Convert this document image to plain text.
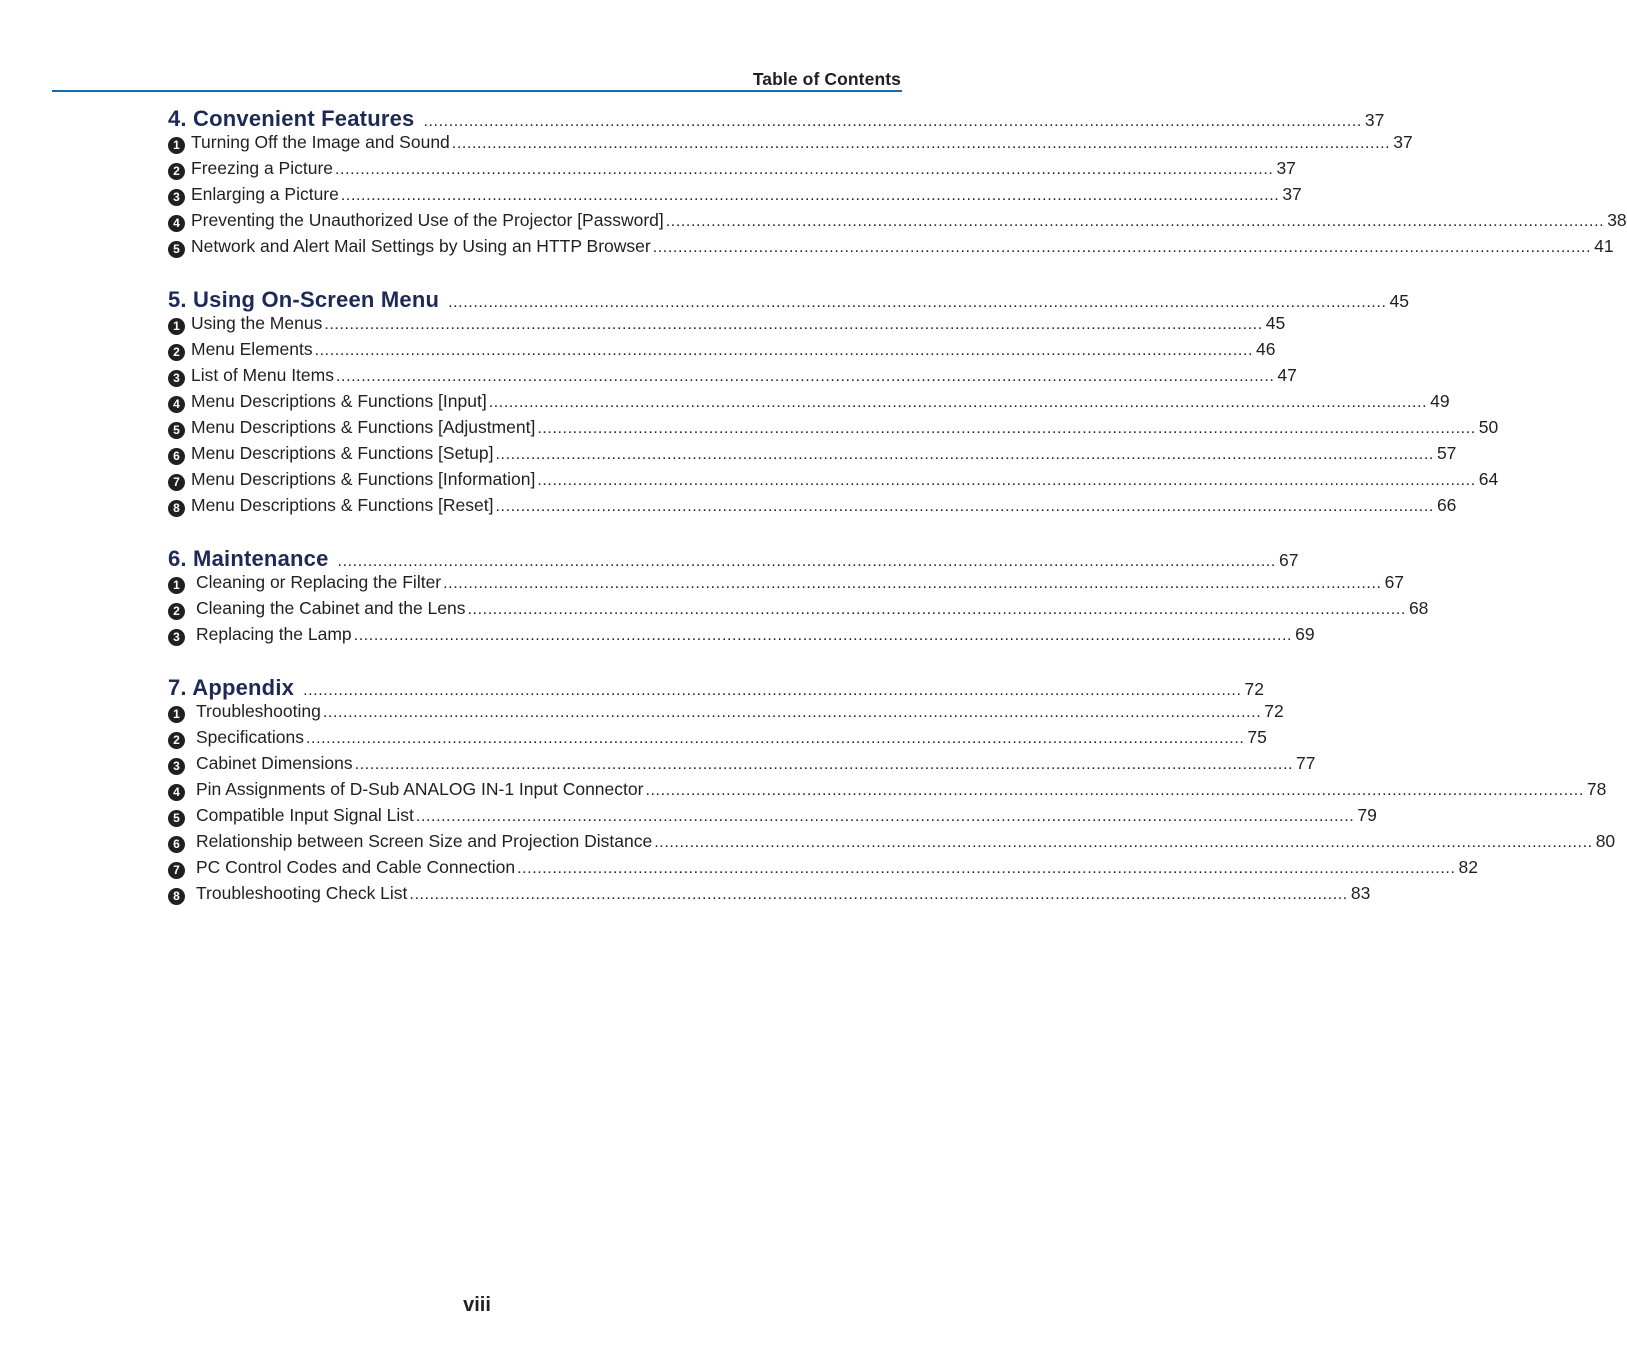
Table of Contents
4. Convenient Features .......................................................................................................................................................................................... 37
1 Turning Off the Image and Sound .......................................................................................................................................................................................... 37
2 Freezing a Picture .......................................................................................................................................................................................... 37
3 Enlarging a Picture .......................................................................................................................................................................................... 37
4 Preventing the Unauthorized Use of the Projector [Password] .......................................................................................................................................................................................... 38
5 Network and Alert Mail Settings by Using an HTTP Browser .......................................................................................................................................................................................... 41
5. Using On-Screen Menu .......................................................................................................................................................................................... 45
1 Using the Menus .......................................................................................................................................................................................... 45
2 Menu Elements .......................................................................................................................................................................................... 46
3 List of Menu Items .......................................................................................................................................................................................... 47
4 Menu Descriptions & Functions [Input] .......................................................................................................................................................................................... 49
5 Menu Descriptions & Functions [Adjustment] .......................................................................................................................................................................................... 50
6 Menu Descriptions & Functions [Setup] .......................................................................................................................................................................................... 57
7 Menu Descriptions & Functions [Information] .......................................................................................................................................................................................... 64
8 Menu Descriptions & Functions [Reset] .......................................................................................................................................................................................... 66
6. Maintenance .......................................................................................................................................................................................... 67
1 Cleaning or Replacing the Filter .......................................................................................................................................................................................... 67
2 Cleaning the Cabinet and the Lens .......................................................................................................................................................................................... 68
3 Replacing the Lamp .......................................................................................................................................................................................... 69
7. Appendix .......................................................................................................................................................................................... 72
1 Troubleshooting .......................................................................................................................................................................................... 72
2 Specifications .......................................................................................................................................................................................... 75
3 Cabinet Dimensions .......................................................................................................................................................................................... 77
4 Pin Assignments of D-Sub ANALOG IN-1 Input Connector .......................................................................................................................................................................................... 78
5 Compatible Input Signal List .......................................................................................................................................................................................... 79
6 Relationship between Screen Size and Projection Distance .......................................................................................................................................................................................... 80
7 PC Control Codes and Cable Connection .......................................................................................................................................................................................... 82
8 Troubleshooting Check List .......................................................................................................................................................................................... 83
viii
